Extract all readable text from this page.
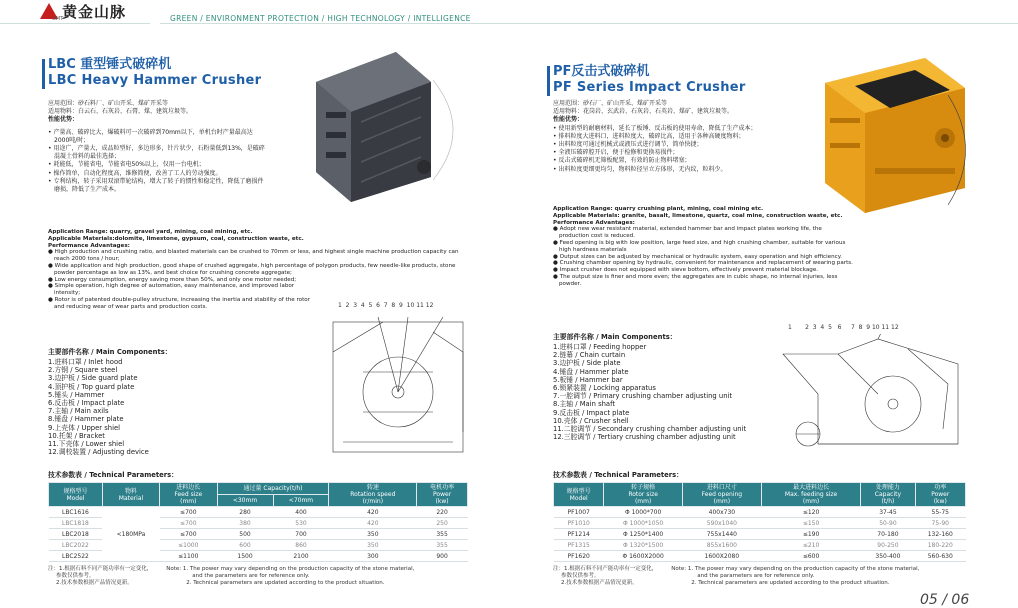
黄金山脉
GMT	GREEN / ENVIRONMENT PROTECTION / HIGH TECHNOLOGY / INTELLIGENCE
LBC 重型锤式破碎机
LBC Heavy Hammer Crusher
应用范围：砂石料厂、矿山开采、煤矿开采等
适用物料：白云石、石灰岩、石膏、煤、建筑垃圾等。
性能优势：
• 产量高、破碎比大，爆破料可一次破碎到70mm以下，单机台时产量最高达2000吨/时；
• 用途广，产量大，成品粒型好，多边形多，针片状少，石粉量低到13%，是破碎混凝土骨料的最佳选择；
• 耗能低，节能省电，节能省电50%以上，仅用一台电机；
• 操作简单，自动化程度高，维修简便，改善了工人的劳动强度。
• 专利结构，转子采用双滚带轮结构，增大了转子的惯性和稳定性，降低了磨损件磨损，降低了生产成本。
Application Range: quarry, gravel yard, mining, coal mining, etc.
Applicable Materials:dolomite, limestone, gypsum, coal, construction waste, etc.
Performance Advantages:
● High production and crushing ratio, and blasted materials can be crushed to 70mm or less, and highest single machine production capacity can reach 2000 tons / hour;
● Wide application and high production, good shape of crushed aggregate, high percentage of polygon products, few needle-like products, stone powder percentage as low as 13%, and best choice for crushing concrete aggregate;
● Low energy consumption, energy saving more than 50%, and only one motor needed;
● Simple operation, high degree of automation, easy maintenance, and improved labor intensity;
● Rotor is of patented double-pulley structure, increasing the inertia and stability of the rotor and reducing wear of wear parts and production costs.	1  2  3  4  5  6  7  8  9  10 11 12
主要部件名称 / Main Components：
1.进料口罩 / Inlet hood
2.方钢 / Square steel
3.边护板 / Side guard plate
4.顶护板 / Top guard plate
5.锤头 / Hammer
6.反击板 / Impact plate
7.主轴 / Main axils
8.锤盘 / Hammer plate
9.上壳体 / Upper shiel
10.托架 / Bracket
11.下壳体 / Lower shiel
12.调校装置 / Adjusting device
技术参数表 / Technical Parameters：
规格型号
Model	物料
Material	进料边长
Feed size
(mm)	通过量 Capacity(t/h)		转速
Rotation speed
(r/min)	电机功率
Power
(kw)
			<30mm	<70mm		
LBC1616	<180MPa	≤700	280	400	420	220
LBC1818		≤700	380	530	420	250
LBC2018		≤700	500	700	350	355
LBC2022		≤1000	600	860	350	355
LBC2522		≤1100	1500	2100	300	900
注：1.根据石料不同产能功率有一定变化，
参数仅供参考。
2.技术参数根据产品情况更新。
Note: 1. The power may vary depending on the production capacity of the stone material,
and the parameters are for reference only.
2. Technical parameters are updated according to the product situation.
PF反击式破碎机
PF Series Impact Crusher
应用范围：砂石厂、矿山开采、煤矿开采等
适用物料：花岗岩、玄武岩、石灰岩、石英岩、煤矿、建筑垃圾等。
性能优势：
• 使用新型的耐磨材料，延长了板锤、反击板的使用寿命，降低了生产成本；
• 排料粒度大进料口，进料粒度大，破碎比高，适用于各种高硬度物料；
• 出料粒度可通过机械式或液压式进行调节，简单快捷；
• 全液压破碎腔开启，便于检修和更换易损件；
• 反击式破碎机无筛板配置，有效的防止物料堵塞；
• 出料粒度更细更均匀，物料粒径呈立方体形，无内纹，粒料少。
Application Range: quarry crushing plant, mining, coal mining etc.
Applicable Materials: granite, basalt, limestone, quartz, coal mine, construction waste, etc.
Performance Advantages:
● Adopt new wear resistant material, extended hammer bar and impact plates working life, the production cost is reduced.
● Feed opening is big with low position, large feed size, and high crushing chamber, suitable for various high hardness materials
● Output sizes can be adjusted by mechanical or hydraulic system, easy operation and high efficiency.
● Crushing chamber opening by hydraulic, convenient for maintenance and replacement of wearing parts.
● Impact crusher does not equipped with sieve bottom, effectively prevent material blockage.
● The output size is finer and more even; the aggregates are in cubic shape, no internal injuries, less powder.
主要部件名称 / Main Components：
1.进料口罩 / Feeding hopper
2.链幕 / Chain curtain
3.边护板 / Side plate
4.锤盘 / Hammer plate
5.板锤 / Hammer bar
6.锁紧装置 / Locking apparatus
7.一腔调节 / Primary crushing chamber adjusting unit
8.主轴 / Main shaft
9.反击板 / Impact plate
10.壳体 / Crusher shell
11.二腔调节 / Secondary crushing chamber adjusting unit
12.三腔调节 / Tertiary crushing chamber adjusting unit
1       2  3  4  5   6     7  8  9 10 11 12
技术参数表 / Technical Parameters：
规格型号
Model	转子规格
Rotor size
(mm)	进料口尺寸
Feed opening
(mm)	最大进料边长
Max. feeding size
(mm)	处理能力
Capacity
(t/h)	功率
Power
(kw)
PF1007	Φ 1000*700	400x730	≤120	37-45	55-75
PF1010	Φ 1000*1050	590x1040	≤150	50-90	75-90
PF1214	Φ 1250*1400	755x1440	≤190	70-180	132-160
PF1315	Φ 1320*1500	855x1600	≤210	90-250	180-220
PF1620	Φ 1600X2000	1600X2080	≤600	350-400	560-630
注：1.根据石料不同产能功率有一定变化，
参数仅供参考。
2.技术参数根据产品情况更新。
Note: 1. The power may vary depending on the production capacity of the stone material,
and the parameters are for reference only.
2. Technical parameters are updated according to the product situation.
05 / 06
